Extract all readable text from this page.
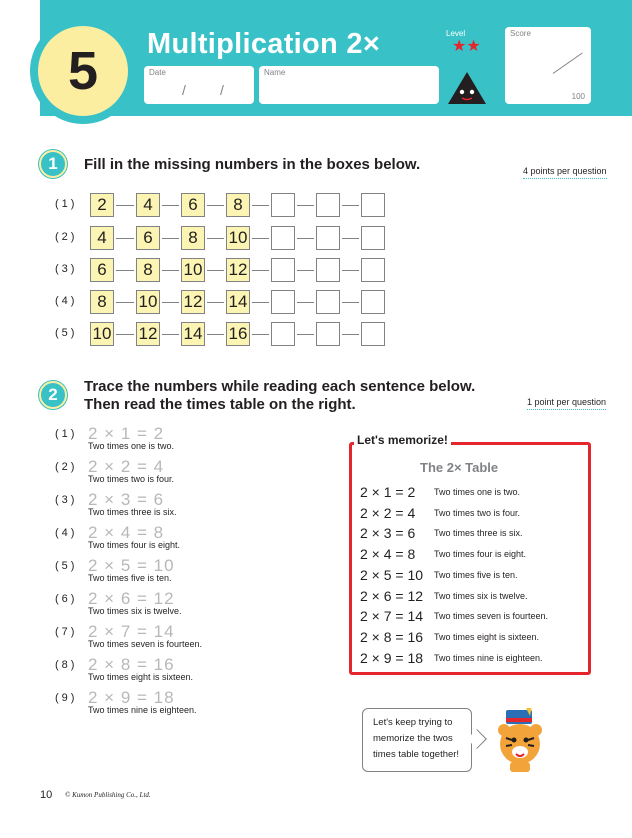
5 Multiplication 2×
Date
/ /
Name
Level
★★
Score
100
1	Fill in the missing numbers in the boxes below.	4 points per question
(1)	2	4	6	8
(2)	4	6	8	10
(3)	6	8	10 12
(4)	8	10 12 14
(5) 10 12 14 16
2	Trace the numbers while reading each sentence below.
Then read the times table on the right.	1 point per question
(1) 2 × 1 = 2
Two times one is two.
(2) 2 × 2 = 4
Two times two is four.
(3) 2 × 3 = 6
Two times three is six.
(4) 2 × 4 = 8
Two times four is eight.
(5) 2 × 5 = 10
Two times five is ten.
(6) 2 × 6 = 12
Two times six is twelve.
(7) 2 × 7 = 14
Two times seven is fourteen.
(8) 2 × 8 = 16
Two times eight is sixteen.
(9) 2 × 9 = 18
Two times nine is eighteen.
Let's memorize!
The 2× Table
2 × 1 = 2 Two times one is two.
2 × 2 = 4 Two times two is four.
2 × 3 = 6 Two times three is six.
2 × 4 = 8 Two times four is eight.
2 × 5 = 10 Two times five is ten.
2 × 6 = 12 Two times six is twelve.
2 × 7 = 14 Two times seven is fourteen.
2 × 8 = 16 Two times eight is sixteen.
2 × 9 = 18 Two times nine is eighteen.
Let's keep trying to
memorize the twos
times table together!
10 © Kumon Publishing Co., Ltd.
